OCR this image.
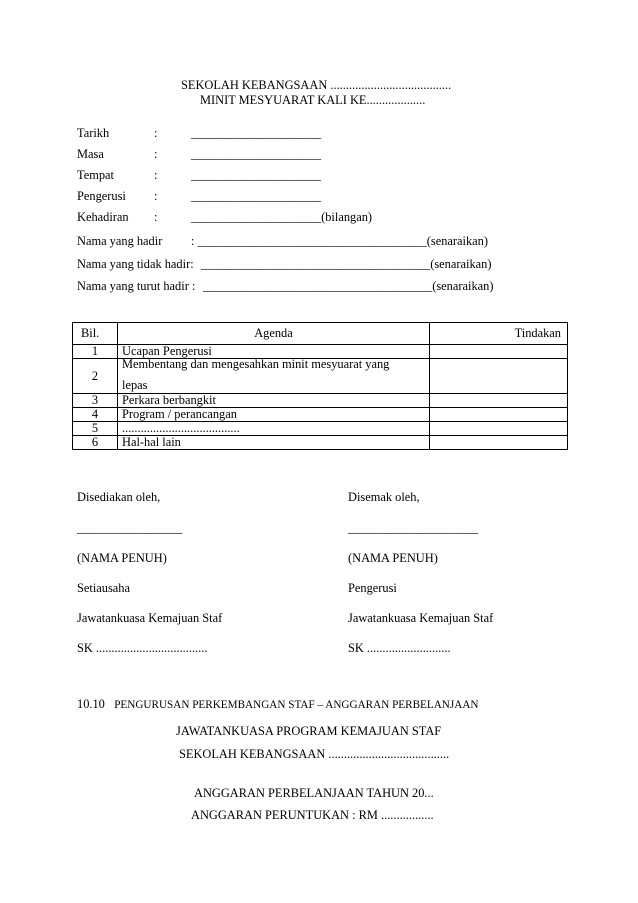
SEKOLAH KEBANGSAAN .......................................
MINIT MESYUARAT KALI KE...................
Tarikh	:	_____________________
Masa	:	_____________________
Tempat	:	_____________________
Pengerusi :	_____________________
Kehadiran :	_____________________(bilangan)
Nama yang hadir : _____________________________________(senaraikan)
Nama yang tidak hadir: _____________________________________(senaraikan)
Nama yang turut hadir : _____________________________________(senaraikan)
Bil.	Agenda	Tindakan
1	Ucapan Pengerusi	
2	Membentang dan mengesahkan minit mesyuarat yang
lepas	

3	Perkara berbangkit	
4	Program / perancangan	
5	......................................	
6	Hal-hal lain	
Disediakan oleh,
_________________
(NAMA PENUH)
Setiausaha
Jawatankuasa Kemajuan Staf
SK ....................................
Disemak oleh,
_____________________
(NAMA PENUH)
Pengerusi
Jawatankuasa Kemajuan Staf
SK ...........................
10.10 PENGURUSAN PERKEMBANGAN STAF – ANGGARAN PERBELANJAAN
JAWATANKUASA PROGRAM KEMAJUAN STAF
SEKOLAH KEBANGSAAN .......................................
ANGGARAN PERBELANJAAN TAHUN 20...
ANGGARAN PERUNTUKAN : RM .................
